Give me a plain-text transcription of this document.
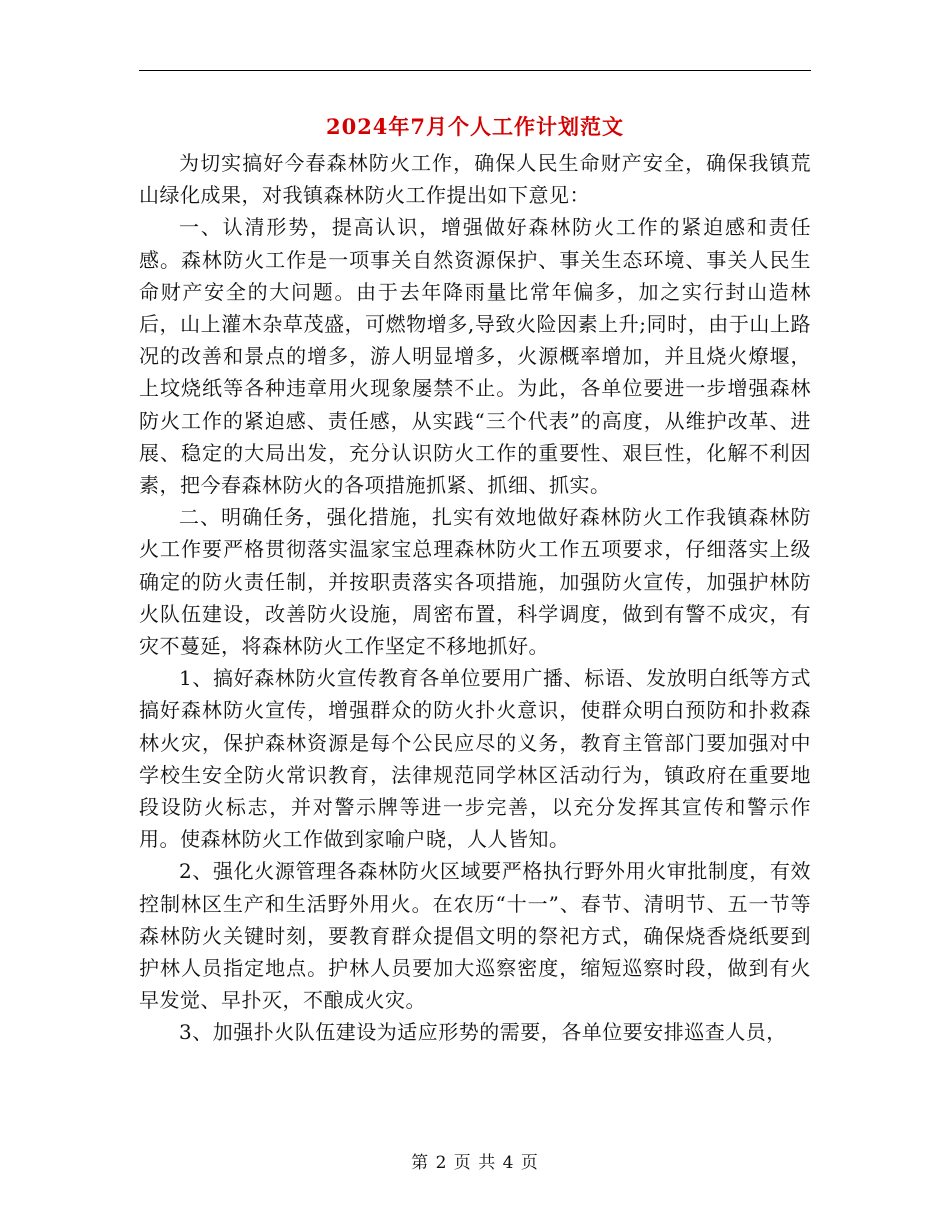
2024年7月个人工作计划范文

为切实搞好今春森林防火工作，确保人民生命财产安全，确保我镇荒山绿化成果，对我镇森林防火工作提出如下意见：

一、认清形势，提高认识，增强做好森林防火工作的紧迫感和责任感。森林防火工作是一项事关自然资源保护、事关生态环境、事关人民生命财产安全的大问题。由于去年降雨量比常年偏多，加之实行封山造林后，山上灌木杂草茂盛，可燃物增多,导致火险因素上升;同时，由于山上路况的改善和景点的增多，游人明显增多，火源概率增加，并且烧火燎堰，上坟烧纸等各种违章用火现象屡禁不止。为此，各单位要进一步增强森林防火工作的紧迫感、责任感，从实践“三个代表”的高度，从维护改革、进展、稳定的大局出发，充分认识防火工作的重要性、艰巨性，化解不利因素，把今春森林防火的各项措施抓紧、抓细、抓实。

二、明确任务，强化措施，扎实有效地做好森林防火工作我镇森林防火工作要严格贯彻落实温家宝总理森林防火工作五项要求，仔细落实上级确定的防火责任制，并按职责落实各项措施，加强防火宣传，加强护林防火队伍建设，改善防火设施，周密布置，科学调度，做到有警不成灾，有灾不蔓延，将森林防火工作坚定不移地抓好。

1、搞好森林防火宣传教育各单位要用广播、标语、发放明白纸等方式搞好森林防火宣传，增强群众的防火扑火意识，使群众明白预防和扑救森林火灾，保护森林资源是每个公民应尽的义务，教育主管部门要加强对中学校生安全防火常识教育，法律规范同学林区活动行为，镇政府在重要地段设防火标志，并对警示牌等进一步完善，以充分发挥其宣传和警示作用。使森林防火工作做到家喻户晓，人人皆知。

2、强化火源管理各森林防火区域要严格执行野外用火审批制度，有效控制林区生产和生活野外用火。在农历“十一”、春节、清明节、五一节等森林防火关键时刻，要教育群众提倡文明的祭祀方式，确保烧香烧纸要到护林人员指定地点。护林人员要加大巡察密度，缩短巡察时段，做到有火早发觉、早扑灭，不酿成火灾。

3、加强扑火队伍建设为适应形势的需要，各单位要安排巡查人员，

第 2 页 共 4 页
